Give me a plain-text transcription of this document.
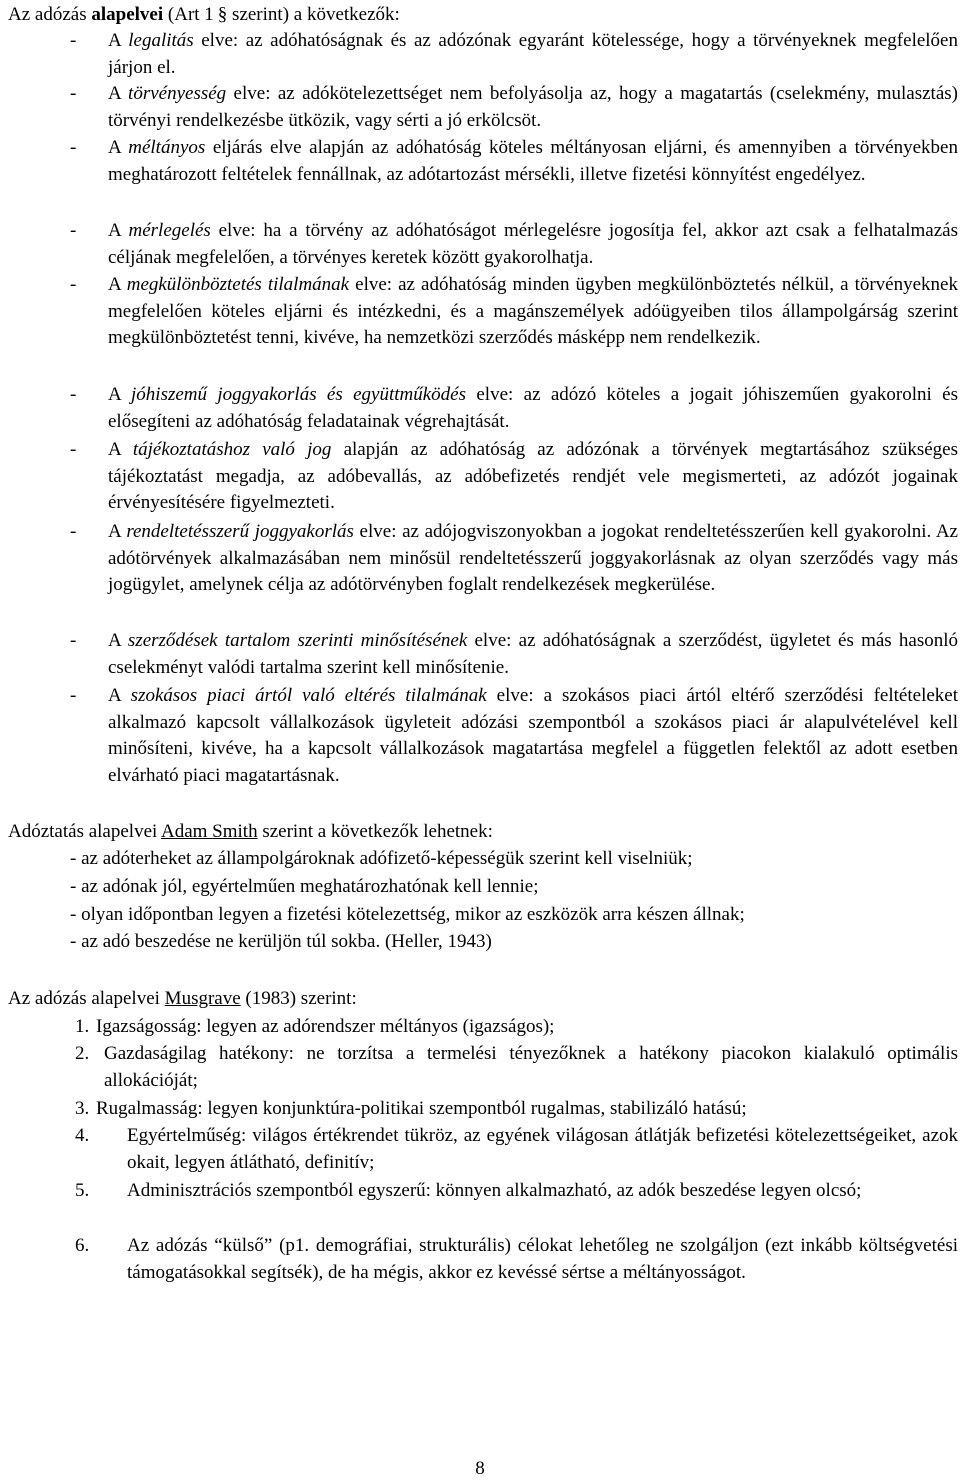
Az adózás alapelvei (Art 1 § szerint) a következők:
-	A legalitás elve: az adóhatóságnak és az adózónak egyaránt kötelessége, hogy a törvényeknek megfelelően járjon el.
-	A törvényesség elve: az adókötelezettséget nem befolyásolja az, hogy a magatartás (cselekmény, mulasztás) törvényi rendelkezésbe ütközik, vagy sérti a jó erkölcsöt.
-	A méltányos eljárás elve alapján az adóhatóság köteles méltányosan eljárni, és amennyiben a törvényekben meghatározott feltételek fennállnak, az adótartozást mérsékli, illetve fizetési könnyítést engedélyez.
-	A mérlegelés elve: ha a törvény az adóhatóságot mérlegelésre jogosítja fel, akkor azt csak a felhatalmazás céljának megfelelően, a törvényes keretek között gyakorolhatja.
-	A megkülönböztetés tilalmának elve: az adóhatóság minden ügyben megkülönböztetés nélkül, a törvényeknek megfelelően köteles eljárni és intézkedni, és a magánszemélyek adóügyeiben tilos állampolgárság szerint megkülönböztetést tenni, kivéve, ha nemzetközi szerződés másképp nem rendelkezik.
-	A jóhiszemű joggyakorlás és együttműködés elve: az adózó köteles a jogait jóhiszeműen gyakorolni és elősegíteni az adóhatóság feladatainak végrehajtását.
-	A tájékoztatáshoz való jog alapján az adóhatóság az adózónak a törvények megtartásához szükséges tájékoztatást megadja, az adóbevallás, az adóbefizetés rendjét vele megismerteti, az adózót jogainak érvényesítésére figyelmezteti.
-	A rendeltetésszerű joggyakorlás elve: az adójogviszonyokban a jogokat rendeltetésszerűen kell gyakorolni. Az adótörvények alkalmazásában nem minősül rendeltetésszerű joggyakorlásnak az olyan szerződés vagy más jogügylet, amelynek célja az adótörvényben foglalt rendelkezések megkerülése.
-	A szerződések tartalom szerinti minősítésének elve: az adóhatóságnak a szerződést, ügyletet és más hasonló cselekményt valódi tartalma szerint kell minősítenie.
-	A szokásos piaci ártól való eltérés tilalmának elve: a szokásos piaci ártól eltérő szerződési feltételeket alkalmazó kapcsolt vállalkozások ügyleteit adózási szempontból a szokásos piaci ár alapulvételével kell minősíteni, kivéve, ha a kapcsolt vállalkozások magatartása megfelel a független felektől az adott esetben elvárható piaci magatartásnak.
Adóztatás alapelvei Adam Smith szerint a következők lehetnek:
- az adóterheket az állampolgároknak adófizető-képességük szerint kell viselniük;
- az adónak jól, egyértelműen meghatározhatónak kell lennie;
- olyan időpontban legyen a fizetési kötelezettség, mikor az eszközök arra készen állnak;
- az adó beszedése ne kerüljön túl sokba. (Heller, 1943)
Az adózás alapelvei Musgrave (1983) szerint:
1. Igazságosság: legyen az adórendszer méltányos (igazságos);
2. Gazdaságilag hatékony: ne torzítsa a termelési tényezőknek a hatékony piacokon kialakuló optimális allokációját;
3. Rugalmasság: legyen konjunktúra-politikai szempontból rugalmas, stabilizáló hatású;
4.	Egyértelműség: világos értékrendet tükröz, az egyének világosan átlátják befizetési kötelezettségeiket, azok okait, legyen átlátható, definitív;
5.	Adminisztrációs szempontból egyszerű: könnyen alkalmazható, az adók beszedése legyen olcsó;
6.	Az adózás “külső” (p1. demográfiai, strukturális) célokat lehetőleg ne szolgáljon (ezt inkább költségvetési támogatásokkal segítsék), de ha mégis, akkor ez kevéssé sértse a méltányosságot.
8
